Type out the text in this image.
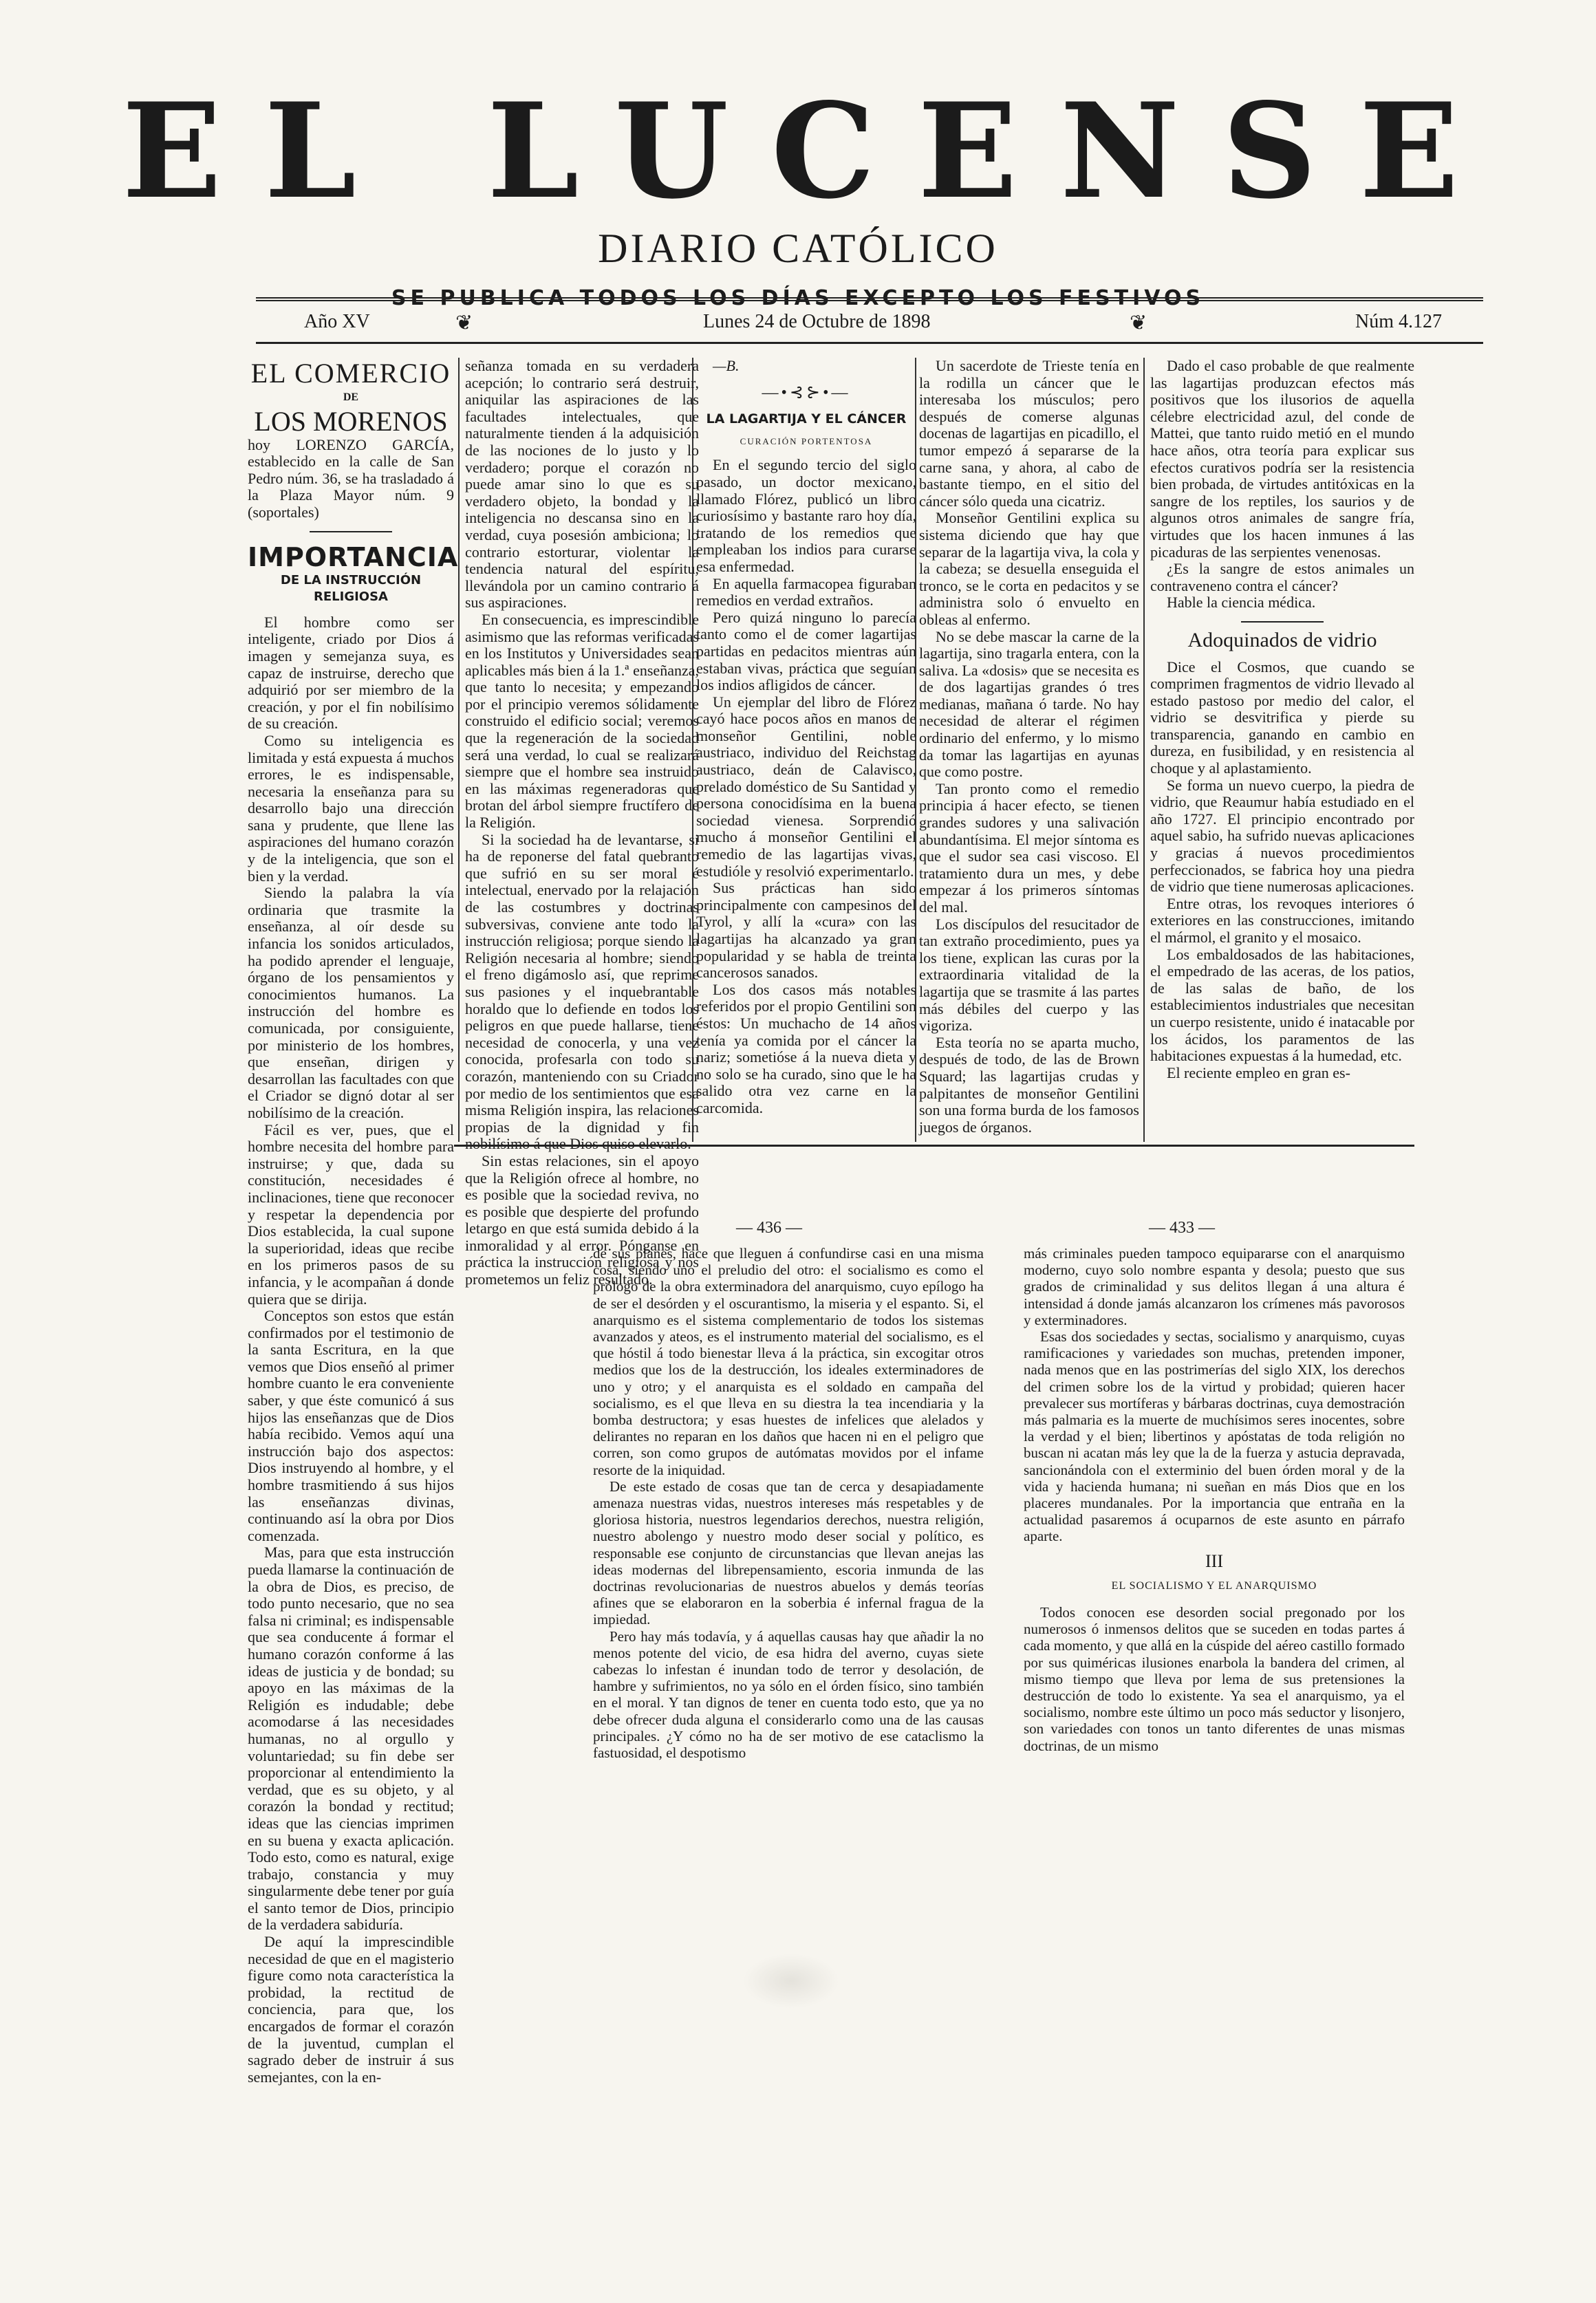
EL LUCENSE
DIARIO CATÓLICO
SE PUBLICA TODOS LOS DÍAS EXCEPTO LOS FESTIVOS
Año XV	❦	Lunes 24 de Octubre de 1898	❦	Núm 4.127
EL COMERCIO
DE
LOS MORENOS

hoy LORENZO GARCÍA, establecido en la calle de San Pedro núm. 36, se ha trasladado á la Plaza Mayor núm. 9 (soportales)

IMPORTANCIA
DE LA INSTRUCCIÓN RELIGIOSA

El hombre como ser inteligente, criado por Dios á imagen y semejanza suya, es capaz de instruirse, derecho que adquirió por ser miembro de la creación, y por el fin nobilísimo de su creación.

Como su inteligencia es limitada y está expuesta á muchos errores, le es indispensable, necesaria la enseñanza para su desarrollo bajo una dirección sana y prudente, que llene las aspiraciones del humano corazón y de la inteligencia, que son el bien y la verdad.

Siendo la palabra la vía ordinaria que trasmite la enseñanza, al oír desde su infancia los sonidos articulados, ha podido aprender el lenguaje, órgano de los pensamientos y conocimientos humanos. La instrucción del hombre es comunicada, por consiguiente, por ministerio de los hombres, que enseñan, dirigen y desarrollan las facultades con que el Criador se dignó dotar al ser nobilísimo de la creación.

Fácil es ver, pues, que el hombre necesita del hombre para instruirse; y que, dada su constitución, necesidades é inclinaciones, tiene que reconocer y respetar la dependencia por Dios establecida, la cual supone la superioridad, ideas que recibe en los primeros pasos de su infancia, y le acompañan á donde quiera que se dirija.

Conceptos son estos que están confirmados por el testimonio de la santa Escritura, en la que vemos que Dios enseñó al primer hombre cuanto le era conveniente saber, y que éste comunicó á sus hijos las enseñanzas que de Dios había recibido. Vemos aquí una instrucción bajo dos aspectos: Dios instruyendo al hombre, y el hombre trasmitiendo á sus hijos las enseñanzas divinas, continuando así la obra por Dios comenzada.

Mas, para que esta instrucción pueda llamarse la continuación de la obra de Dios, es preciso, de todo punto necesario, que no sea falsa ni criminal; es indispensable que sea conducente á formar el humano corazón conforme á las ideas de justicia y de bondad; su apoyo en las máximas de la Religión es indudable; debe acomodarse á las necesidades humanas, no al orgullo y voluntariedad; su fin debe ser proporcionar al entendimiento la verdad, que es su objeto, y al corazón la bondad y rectitud; ideas que las ciencias imprimen en su buena y exacta aplicación. Todo esto, como es natural, exige trabajo, constancia y muy singularmente debe tener por guía el santo temor de Dios, principio de la verdadera sabiduría.

De aquí la imprescindible necesidad de que en el magisterio figure como nota característica la probidad, la rectitud de conciencia, para que, los encargados de formar el corazón de la juventud, cumplan el sagrado deber de instruir á sus semejantes, con la en-

señanza tomada en su verdadera acepción; lo contrario será destruir, aniquilar las aspiraciones de las facultades intelectuales, que naturalmente tienden á la adquisición de las nociones de lo justo y lo verdadero; porque el corazón no puede amar sino lo que es su verdadero objeto, la bondad y la inteligencia no descansa sino en la verdad, cuya posesión ambiciona; lo contrario estorturar, violentar la tendencia natural del espíritu, llevándola por un camino contrario á sus aspiraciones.

En consecuencia, es imprescindible asimismo que las reformas verificadas en los Institutos y Universidades sean aplicables más bien á la 1.ª enseñanza, que tanto lo necesita; y empezando por el principio veremos sólidamente construido el edificio social; veremos que la regeneración de la sociedad será una verdad, lo cual se realizará siempre que el hombre sea instruido en las máximas regeneradoras que brotan del árbol siempre fructífero de la Religión.

Si la sociedad ha de levantarse, si ha de reponerse del fatal quebranto que sufrió en su ser moral é intelectual, enervado por la relajación de las costumbres y doctrinas subversivas, conviene ante todo la instrucción religiosa; porque siendo la Religión necesaria al hombre; siendo el freno digámoslo así, que reprime sus pasiones y el inquebrantable horaldo que lo defiende en todos los peligros en que puede hallarse, tiene necesidad de conocerla, y una vez conocida, profesarla con todo su corazón, manteniendo con su Criador por medio de los sentimientos que esa misma Religión inspira, las relaciones propias de la dignidad y fin nobilísimo á que Dios quiso elevarlo.

Sin estas relaciones, sin el apoyo que la Religión ofrece al hombre, no es posible que la sociedad reviva, no es posible que despierte del profundo letargo en que está sumida debido á la inmoralidad y al error. Pónganse en práctica la instrucción religiosa y nos prometemos un feliz resultado.

—B.

—•⊰⊱•—
LA LAGARTIJA Y EL CÁNCER
CURACIÓN PORTENTOSA

En el segundo tercio del siglo pasado, un doctor mexicano, llamado Flórez, publicó un libro curiosísimo y bastante raro hoy día, tratando de los remedios que empleaban los indios para curarse esa enfermedad.

En aquella farmacopea figuraban remedios en verdad extraños.

Pero quizá ninguno lo parecía tanto como el de comer lagartijas partidas en pedacitos mientras aún estaban vivas, práctica que seguían los indios afligidos de cáncer.

Un ejemplar del libro de Flórez cayó hace pocos años en manos de monseñor Gentilini, noble austriaco, individuo del Reichstag austriaco, deán de Calavisco, prelado doméstico de Su Santidad y persona conocidísima en la buena sociedad vienesa. Sorprendió mucho á monseñor Gentilini el remedio de las lagartijas vivas, estudióle y resolvió experimentarlo.

Sus prácticas han sido principalmente con campesinos del Tyrol, y allí la «cura» con las lagartijas ha alcanzado ya gran popularidad y se habla de treinta cancerosos sanados.

Los dos casos más notables referidos por el propio Gentilini son éstos: Un muchacho de 14 años tenía ya comida por el cáncer la nariz; sometióse á la nueva dieta y no solo se ha curado, sino que le ha salido otra vez carne en la carcomida.

Un sacerdote de Trieste tenía en la rodilla un cáncer que le interesaba los músculos; pero después de comerse algunas docenas de lagartijas en picadillo, el tumor empezó á separarse de la carne sana, y ahora, al cabo de bastante tiempo, en el sitio del cáncer sólo queda una cicatriz.

Monseñor Gentilini explica su sistema diciendo que hay que separar de la lagartija viva, la cola y la cabeza; se desuella enseguida el tronco, se le corta en pedacitos y se administra solo ó envuelto en obleas al enfermo.

No se debe mascar la carne de la lagartija, sino tragarla entera, con la saliva. La «dosis» que se necesita es de dos lagartijas grandes ó tres medianas, mañana ó tarde. No hay necesidad de alterar el régimen ordinario del enfermo, y lo mismo da tomar las lagartijas en ayunas que como postre.

Tan pronto como el remedio principia á hacer efecto, se tienen grandes sudores y una salivación abundantísima. El mejor síntoma es que el sudor sea casi viscoso. El tratamiento dura un mes, y debe empezar á los primeros síntomas del mal.

Los discípulos del resucitador de tan extraño procedimiento, pues ya los tiene, explican las curas por la extraordinaria vitalidad de la lagartija que se trasmite á las partes más débiles del cuerpo y las vigoriza.

Esta teoría no se aparta mucho, después de todo, de las de Brown Squard; las lagartijas crudas y palpitantes de monseñor Gentilini son una forma burda de los famosos juegos de órganos.

Dado el caso probable de que realmente las lagartijas produzcan efectos más positivos que los ilusorios de aquella célebre electricidad azul, del conde de Mattei, que tanto ruido metió en el mundo hace años, otra teoría para explicar sus efectos curativos podría ser la resistencia bien probada, de virtudes antitóxicas en la sangre de los reptiles, los saurios y de algunos otros animales de sangre fría, virtudes que los hacen inmunes á las picaduras de las serpientes venenosas.

¿Es la sangre de estos animales un contraveneno contra el cáncer?

Hable la ciencia médica.

Adoquinados de vidrio

Dice el Cosmos, que cuando se comprimen fragmentos de vidrio llevado al estado pastoso por medio del calor, el vidrio se desvitrifica y pierde su transparencia, ganando en cambio en dureza, en fusibilidad, y en resistencia al choque y al aplastamiento.

Se forma un nuevo cuerpo, la piedra de vidrio, que Reaumur había estudiado en el año 1727. El principio encontrado por aquel sabio, ha sufrido nuevas aplicaciones y gracias á nuevos procedimientos perfeccionados, se fabrica hoy una piedra de vidrio que tiene numerosas aplicaciones.

Entre otras, los revoques interiores ó exteriores en las construcciones, imitando el mármol, el granito y el mosaico.

Los embaldosados de las habitaciones, el empedrado de las aceras, de los patios, de las salas de baño, de los establecimientos industriales que necesitan un cuerpo resistente, unido é inatacable por los ácidos, los paramentos de las habitaciones expuestas á la humedad, etc.

El reciente empleo en gran es-

— 436 —	— 433 —

de sus planes, hace que lleguen á confundirse casi en una misma cosa, siendo uno el preludio del otro: el socialismo es como el prólogo de la obra exterminadora del anarquismo, cuyo epílogo ha de ser el desórden y el oscurantismo, la miseria y el espanto. Si, el anarquismo es el sistema complementario de todos los sistemas avanzados y ateos, es el instrumento material del socialismo, es el que hóstil á todo bienestar lleva á la práctica, sin excogitar otros medios que los de la destrucción, los ideales exterminadores de uno y otro; y el anarquista es el soldado en campaña del socialismo, es el que lleva en su diestra la tea incendiaria y la bomba destructora; y esas huestes de infelices que alelados y delirantes no reparan en los daños que hacen ni en el peligro que corren, son como grupos de autómatas movidos por el infame resorte de la iniquidad.

De este estado de cosas que tan de cerca y desapiadamente amenaza nuestras vidas, nuestros intereses más respetables y de gloriosa historia, nuestros legendarios derechos, nuestra religión, nuestro abolengo y nuestro modo deser social y político, es responsable ese conjunto de circunstancias que llevan anejas las ideas modernas del librepensamiento, escoria inmunda de las doctrinas revolucionarias de nuestros abuelos y demás teorías afines que se elaboraron en la soberbia é infernal fragua de la impiedad.

Pero hay más todavía, y á aquellas causas hay que añadir la no menos potente del vicio, de esa hidra del averno, cuyas siete cabezas lo infestan é inundan todo de terror y desolación, de hambre y sufrimientos, no ya sólo en el órden físico, sino también en el moral. Y tan dignos de tener en cuenta todo esto, que ya no debe ofrecer duda alguna el considerarlo como una de las causas principales. ¿Y cómo no ha de ser motivo de ese cataclismo la fastuosidad, el despotismo

más criminales pueden tampoco equipararse con el anarquismo moderno, cuyo solo nombre espanta y desola; puesto que sus grados de criminalidad y sus delitos llegan á una altura é intensidad á donde jamás alcanzaron los crímenes más pavorosos y exterminadores.

Esas dos sociedades y sectas, socialismo y anarquismo, cuyas ramificaciones y variedades son muchas, pretenden imponer, nada menos que en las postrimerías del siglo XIX, los derechos del crimen sobre los de la virtud y probidad; quieren hacer prevalecer sus mortíferas y bárbaras doctrinas, cuya demostración más palmaria es la muerte de muchísimos seres inocentes, sobre la verdad y el bien; libertinos y apóstatas de toda religión no buscan ni acatan más ley que la de la fuerza y astucia depravada, sancionándola con el exterminio del buen órden moral y de la vida y hacienda humana; ni sueñan en más Dios que en los placeres mundanales. Por la importancia que entraña en la actualidad pasaremos á ocuparnos de este asunto en párrafo aparte.

III
EL SOCIALISMO Y EL ANARQUISMO

Todos conocen ese desorden social pregonado por los numerosos ó inmensos delitos que se suceden en todas partes á cada momento, y que allá en la cúspide del aéreo castillo formado por sus quiméricas ilusiones enarbola la bandera del crimen, al mismo tiempo que lleva por lema de sus pretensiones la destrucción de todo lo existente. Ya sea el anarquismo, ya el socialismo, nombre este último un poco más seductor y lisonjero, son variedades con tonos un tanto diferentes de unas mismas doctrinas, de un mismo
